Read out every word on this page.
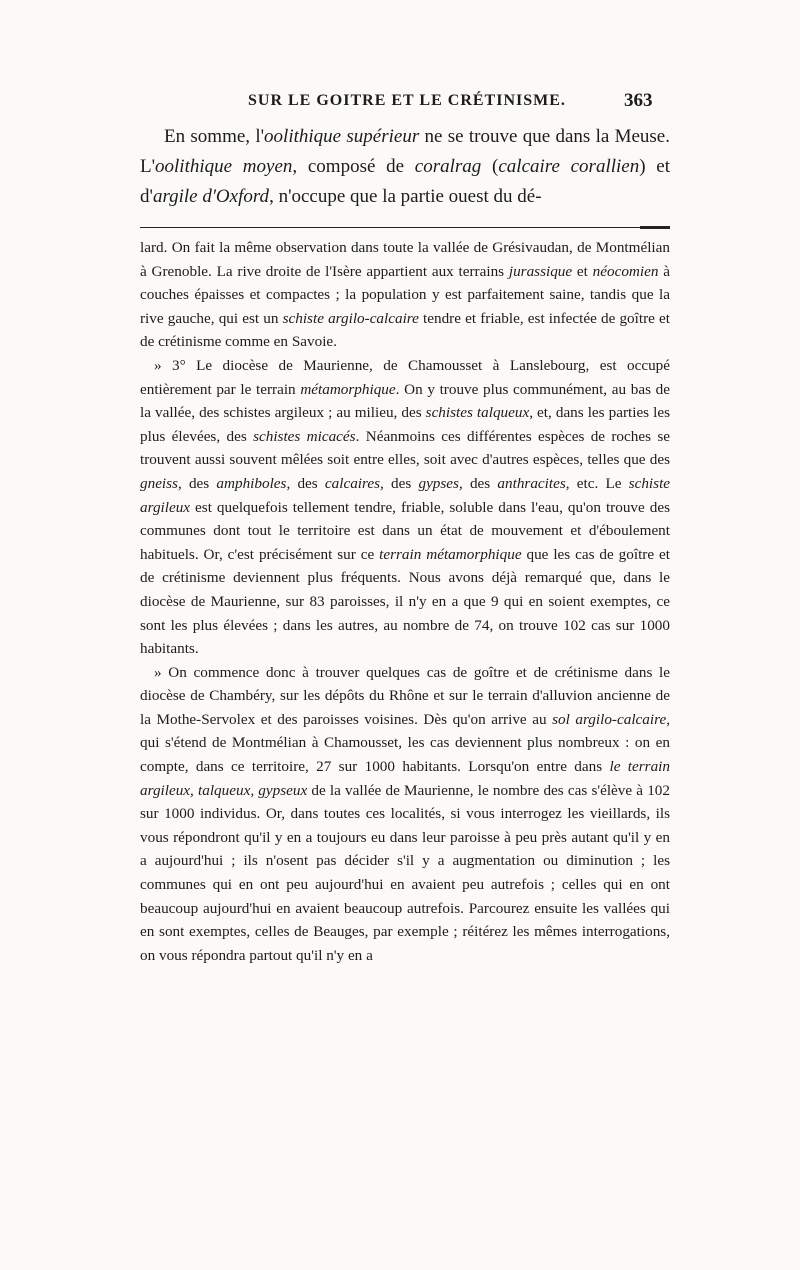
SUR LE GOITRE ET LE CRÉTINISME.	363

En somme, l'oolithique supérieur ne se trouve que dans la Meuse. L'oolithique moyen, composé de coralrag (calcaire corallien) et d'argile d'Oxford, n'occupe que la partie ouest du dé-

lard. On fait la même observation dans toute la vallée de Grésivaudan, de Montmélian à Grenoble. La rive droite de l'Isère appartient aux terrains jurassique et néocomien à couches épaisses et compactes ; la population y est parfaitement saine, tandis que la rive gauche, qui est un schiste argilo-calcaire tendre et friable, est infectée de goître et de crétinisme comme en Savoie.

» 3° Le diocèse de Maurienne, de Chamousset à Lanslebourg, est occupé entièrement par le terrain métamorphique. On y trouve plus communément, au bas de la vallée, des schistes argileux ; au milieu, des schistes talqueux, et, dans les parties les plus élevées, des schistes micacés. Néanmoins ces différentes espèces de roches se trouvent aussi souvent mêlées soit entre elles, soit avec d'autres espèces, telles que des gneiss, des amphiboles, des calcaires, des gypses, des anthracites, etc. Le schiste argileux est quelquefois tellement tendre, friable, soluble dans l'eau, qu'on trouve des communes dont tout le territoire est dans un état de mouvement et d'éboulement habituels. Or, c'est précisément sur ce terrain métamorphique que les cas de goître et de crétinisme deviennent plus fréquents. Nous avons déjà remarqué que, dans le diocèse de Maurienne, sur 83 paroisses, il n'y en a que 9 qui en soient exemptes, ce sont les plus élevées ; dans les autres, au nombre de 74, on trouve 102 cas sur 1000 habitants.

» On commence donc à trouver quelques cas de goître et de crétinisme dans le diocèse de Chambéry, sur les dépôts du Rhône et sur le terrain d'alluvion ancienne de la Mothe-Servolex et des paroisses voisines. Dès qu'on arrive au sol argilo-calcaire, qui s'étend de Montmélian à Chamousset, les cas deviennent plus nombreux : on en compte, dans ce territoire, 27 sur 1000 habitants. Lorsqu'on entre dans le terrain argileux, talqueux, gypseux de la vallée de Maurienne, le nombre des cas s'élève à 102 sur 1000 individus. Or, dans toutes ces localités, si vous interrogez les vieillards, ils vous répondront qu'il y en a toujours eu dans leur paroisse à peu près autant qu'il y en a aujourd'hui ; ils n'osent pas décider s'il y a augmentation ou diminution ; les communes qui en ont peu aujourd'hui en avaient peu autrefois ; celles qui en ont beaucoup aujourd'hui en avaient beaucoup autrefois. Parcourez ensuite les vallées qui en sont exemptes, celles de Beauges, par exemple ; réitérez les mêmes interrogations, on vous répondra partout qu'il n'y en a
